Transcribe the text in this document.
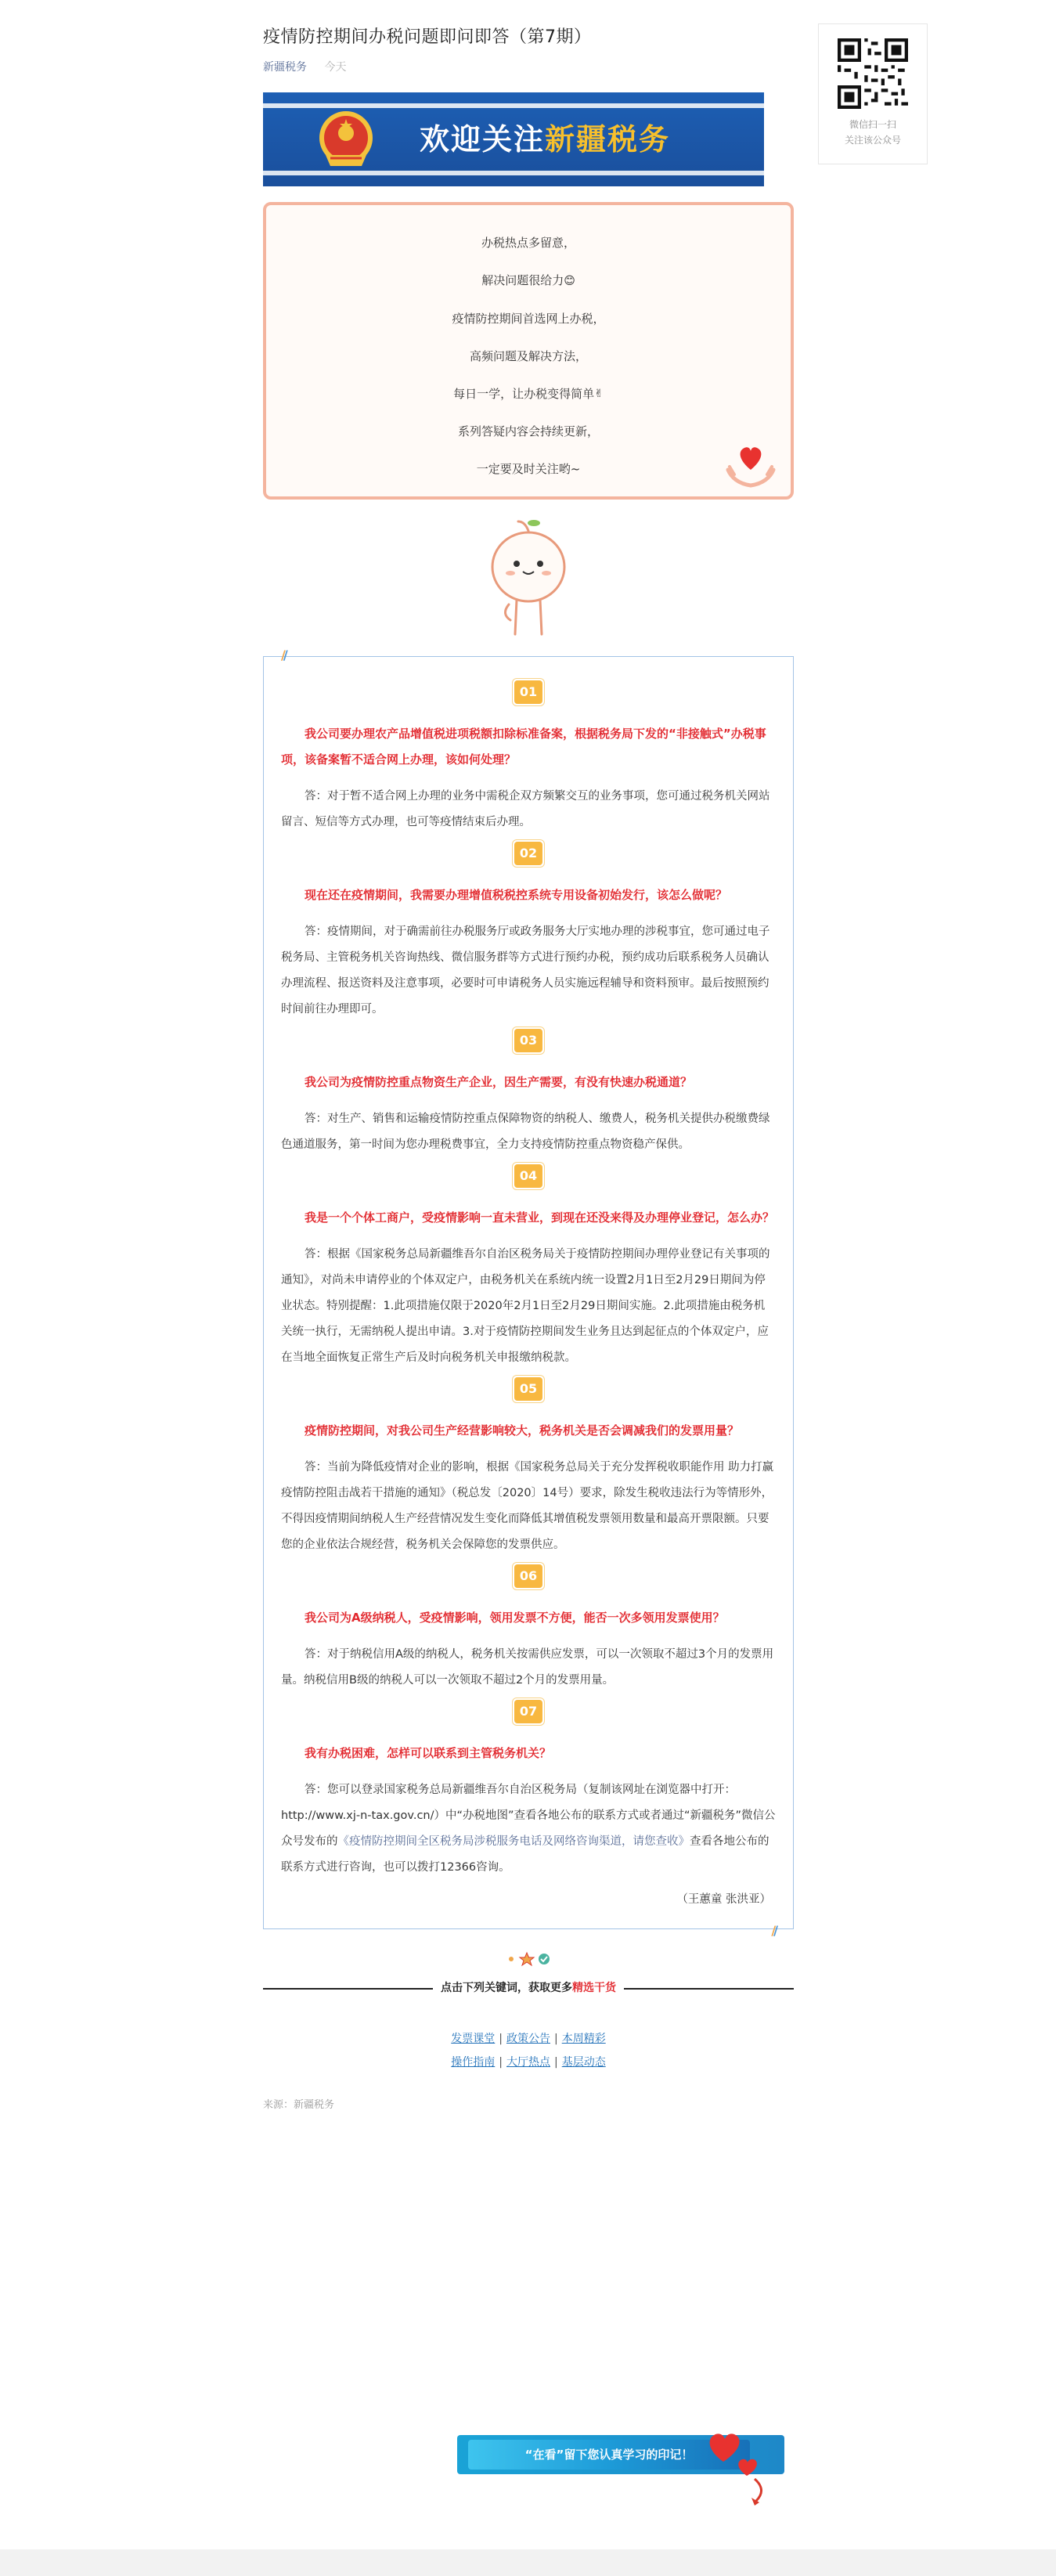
疫情防控期间办税问题即问即答（第7期）
新疆税务 今天
欢迎关注新疆税务

办税热点多留意，

解决问题很给力😊

疫情防控期间首选网上办税，

高频问题及解决方法，

每日一学，让办税变得简单✌

系列答疑内容会持续更新，

一定要及时关注哟~

//
01

我公司要办理农产品增值税进项税额扣除标准备案，根据税务局下发的“非接触式”办税事项，该备案暂不适合网上办理，该如何处理？

答：对于暂不适合网上办理的业务中需税企双方频繁交互的业务事项，您可通过税务机关网站留言、短信等方式办理，也可等疫情结束后办理。

02

现在还在疫情期间，我需要办理增值税税控系统专用设备初始发行，该怎么做呢？

答：疫情期间，对于确需前往办税服务厅或政务服务大厅实地办理的涉税事宜，您可通过电子税务局、主管税务机关咨询热线、微信服务群等方式进行预约办税，预约成功后联系税务人员确认办理流程、报送资料及注意事项，必要时可申请税务人员实施远程辅导和资料预审。最后按照预约时间前往办理即可。

03

我公司为疫情防控重点物资生产企业，因生产需要，有没有快速办税通道？

答：对生产、销售和运输疫情防控重点保障物资的纳税人、缴费人，税务机关提供办税缴费绿色通道服务，第一时间为您办理税费事宜，全力支持疫情防控重点物资稳产保供。

04

我是一个个体工商户，受疫情影响一直未营业，到现在还没来得及办理停业登记，怎么办？

答：根据《国家税务总局新疆维吾尔自治区税务局关于疫情防控期间办理停业登记有关事项的通知》，对尚未申请停业的个体双定户，由税务机关在系统内统一设置2月1日至2月29日期间为停业状态。特别提醒：1.此项措施仅限于2020年2月1日至2月29日期间实施。2.此项措施由税务机关统一执行，无需纳税人提出申请。3.对于疫情防控期间发生业务且达到起征点的个体双定户，应在当地全面恢复正常生产后及时向税务机关申报缴纳税款。

05

疫情防控期间，对我公司生产经营影响较大，税务机关是否会调减我们的发票用量？

答：当前为降低疫情对企业的影响，根据《国家税务总局关于充分发挥税收职能作用 助力打赢疫情防控阻击战若干措施的通知》（税总发〔2020〕14号）要求，除发生税收违法行为等情形外，不得因疫情期间纳税人生产经营情况发生变化而降低其增值税发票领用数量和最高开票限额。只要您的企业依法合规经营，税务机关会保障您的发票供应。

06

我公司为A级纳税人，受疫情影响，领用发票不方便，能否一次多领用发票使用？

答：对于纳税信用A级的纳税人，税务机关按需供应发票，可以一次领取不超过3个月的发票用量。纳税信用B级的纳税人可以一次领取不超过2个月的发票用量。

07

我有办税困难，怎样可以联系到主管税务机关？

答：您可以登录国家税务总局新疆维吾尔自治区税务局（复制该网址在浏览器中打开：http://www.xj-n-tax.gov.cn/）中“办税地图”查看各地公布的联系方式或者通过“新疆税务”微信公众号发布的《疫情防控期间全区税务局涉税服务电话及网络咨询渠道，请您查收》查看各地公布的联系方式进行咨询，也可以拨打12366咨询。

（王蕙童 张洪亚）

//
点击下列关键词，获取更多精选干货
发票课堂 | 政策公告 | 本周精彩
操作指南 | 大厅热点 | 基层动态

来源：新疆税务

“在看”留下您认真学习的印记！
微信扫一扫
关注该公众号
